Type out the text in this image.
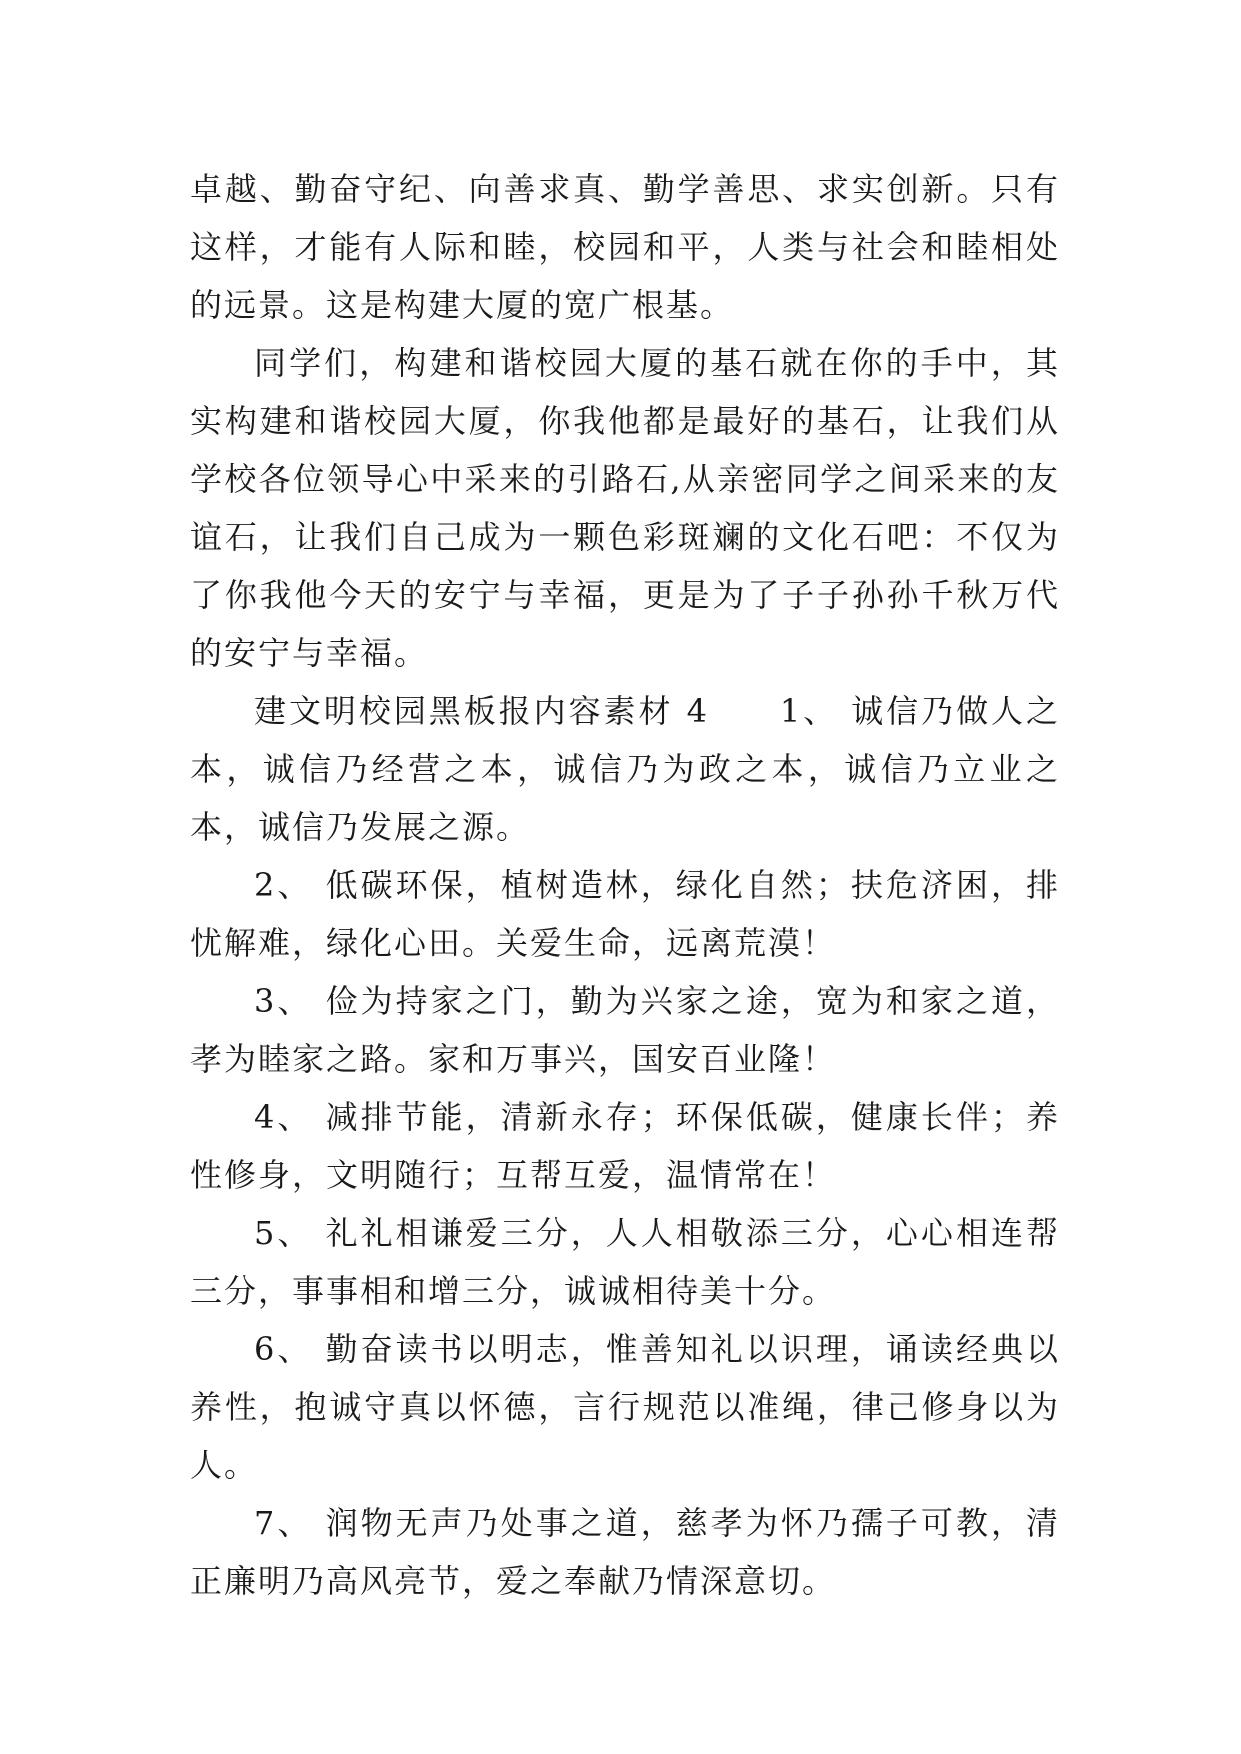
卓越、勤奋守纪、向善求真、勤学善思、求实创新。只有这样，才能有人际和睦，校园和平，人类与社会和睦相处的远景。这是构建大厦的宽广根基。

同学们，构建和谐校园大厦的基石就在你的手中，其实构建和谐校园大厦，你我他都是最好的基石，让我们从学校各位领导心中采来的引路石,从亲密同学之间采来的友谊石，让我们自己成为一颗色彩斑斓的文化石吧：不仅为了你我他今天的安宁与幸福，更是为了子子孙孙千秋万代的安宁与幸福。

建文明校园黑板报内容素材 4　　1、 诚信乃做人之本，诚信乃经营之本，诚信乃为政之本，诚信乃立业之本，诚信乃发展之源。

2、 低碳环保，植树造林，绿化自然；扶危济困，排忧解难，绿化心田。关爱生命，远离荒漠！

3、 俭为持家之门，勤为兴家之途，宽为和家之道，孝为睦家之路。家和万事兴，国安百业隆！

4、 减排节能，清新永存；环保低碳，健康长伴；养性修身，文明随行；互帮互爱，温情常在！

5、 礼礼相谦爱三分，人人相敬添三分，心心相连帮三分，事事相和增三分，诚诚相待美十分。

6、 勤奋读书以明志，惟善知礼以识理，诵读经典以养性，抱诚守真以怀德，言行规范以准绳，律己修身以为人。

7、 润物无声乃处事之道，慈孝为怀乃孺子可教，清正廉明乃高风亮节，爱之奉献乃情深意切。
